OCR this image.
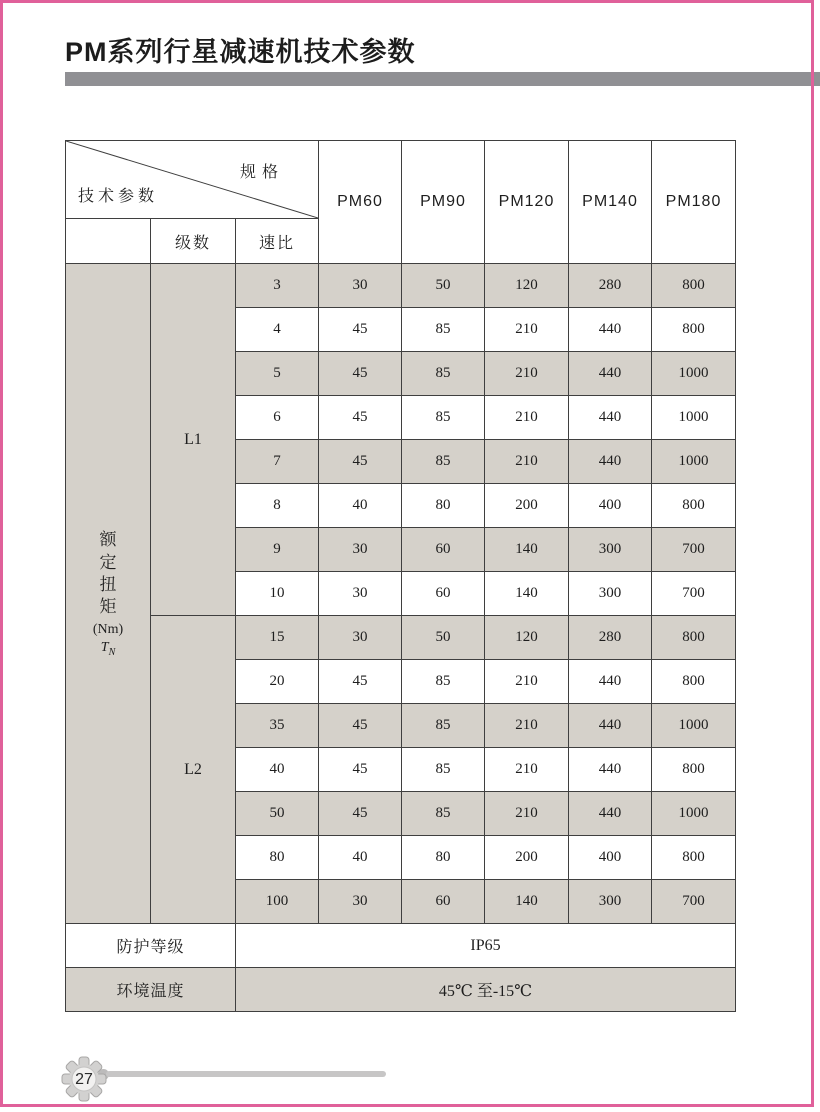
PM系列行星减速机技术参数
规格
技术参数			PM60	PM90	PM120	PM140	PM180
	级数	速比					

额定扭矩
(Nm)
$T_N$	L1	3	30	50	120	280	800
		4	45	85	210	440	800
		5	45	85	210	440	1000
		6	45	85	210	440	1000
		7	45	85	210	440	1000
		8	40	80	200	400	800
		9	30	60	140	300	700
		10	30	60	140	300	700
	L2	15	30	50	120	280	800
		20	45	85	210	440	800
		35	45	85	210	440	1000
		40	45	85	210	440	800
		50	45	85	210	440	1000
		80	40	80	200	400	800
		100	30	60	140	300	700
防护等级		IP65					
环境温度		45℃ 至-15℃					
27
